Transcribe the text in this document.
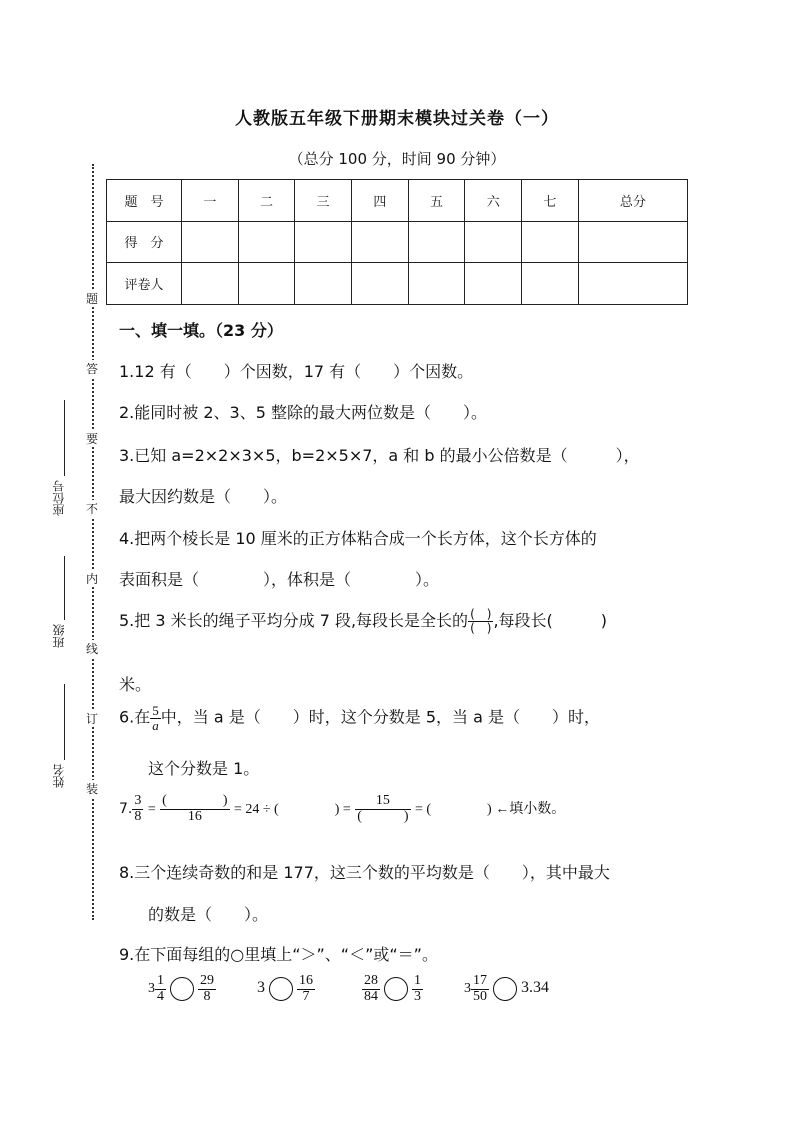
人教版五年级下册期末模块过关卷（一）
（总分 100 分，时间 90 分钟）
题
答
要
不
内
线
订
装
座位号
班级
姓名
题　号	一	二	三	四	五	六	七	总分
得　分								
评卷人								
一、填一填。（23 分）
1.12 有（　　）个因数，17 有（　　）个因数。
2.能同时被 2、3、5 整除的最大两位数是（　　）。
3.已知 a=2×2×3×5，b=2×5×7，a 和 b 的最小公倍数是（　　　），
最大因约数是（　　）。
4.把两个棱长是 10 厘米的正方体粘合成一个长方体，这个长方体的
表面积是（　　　　），体积是（　　　　）。
5.把 3 米长的绳子平均分成 7 段,每段长是全长的 $\frac{( )}{( )}$ ,每段长(　　　)
米。
6.在 $\frac{5}{a}$ 中，当 a 是（　　）时，这个分数是 5，当 a 是（　　）时，
这个分数是 1。
7. $\frac{3}{8} = \frac{( )}{16} = 24$ ÷ (　　　　) = $\frac{15}{( )}$ = (　　　　) ←填小数。
8.三个连续奇数的和是 177，这三个数的平均数是（　　），其中最大
的数是（　　）。
9.在下面每组的○里填上“＞”、“＜”或“＝”。
$3 \frac{1}{4} \frac{29}{8}$	$3 \frac{16}{7}$
	$\frac{28}{84} \frac{1}{3}$	$3 \frac{17}{50} 3.34$
